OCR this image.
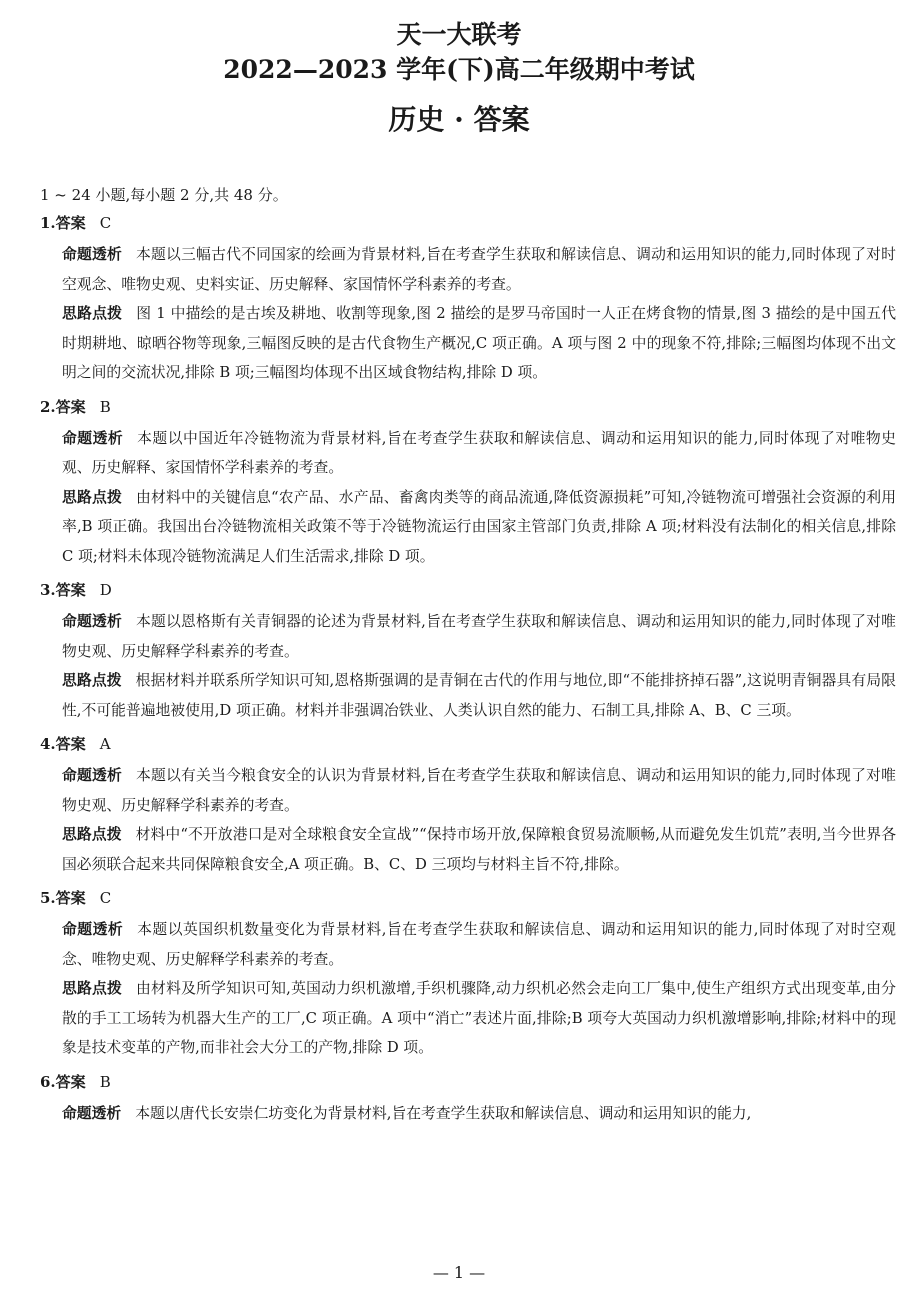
天一大联考
2022—2023 学年(下)高二年级期中考试
历史 · 答案
1 ~ 24 小题,每小题 2 分,共 48 分。
1.答案 C
命题透析 本题以三幅古代不同国家的绘画为背景材料,旨在考查学生获取和解读信息、调动和运用知识的能力,同时体现了对时空观念、唯物史观、史料实证、历史解释、家国情怀学科素养的考查。
思路点拨 图 1 中描绘的是古埃及耕地、收割等现象,图 2 描绘的是罗马帝国时一人正在烤食物的情景,图 3 描绘的是中国五代时期耕地、晾晒谷物等现象,三幅图反映的是古代食物生产概况,C 项正确。A 项与图 2 中的现象不符,排除;三幅图均体现不出文明之间的交流状况,排除 B 项;三幅图均体现不出区域食物结构,排除 D 项。
2.答案 B
命题透析 本题以中国近年冷链物流为背景材料,旨在考查学生获取和解读信息、调动和运用知识的能力,同时体现了对唯物史观、历史解释、家国情怀学科素养的考查。
思路点拨 由材料中的关键信息“农产品、水产品、畜禽肉类等的商品流通,降低资源损耗”可知,冷链物流可增强社会资源的利用率,B 项正确。我国出台冷链物流相关政策不等于冷链物流运行由国家主管部门负责,排除 A 项;材料没有法制化的相关信息,排除 C 项;材料未体现冷链物流满足人们生活需求,排除 D 项。
3.答案 D
命题透析 本题以恩格斯有关青铜器的论述为背景材料,旨在考查学生获取和解读信息、调动和运用知识的能力,同时体现了对唯物史观、历史解释学科素养的考查。
思路点拨 根据材料并联系所学知识可知,恩格斯强调的是青铜在古代的作用与地位,即“不能排挤掉石器”,这说明青铜器具有局限性,不可能普遍地被使用,D 项正确。材料并非强调冶铁业、人类认识自然的能力、石制工具,排除 A、B、C 三项。
4.答案 A
命题透析 本题以有关当今粮食安全的认识为背景材料,旨在考查学生获取和解读信息、调动和运用知识的能力,同时体现了对唯物史观、历史解释学科素养的考查。
思路点拨 材料中“不开放港口是对全球粮食安全宣战”“保持市场开放,保障粮食贸易流顺畅,从而避免发生饥荒”表明,当今世界各国必须联合起来共同保障粮食安全,A 项正确。B、C、D 三项均与材料主旨不符,排除。
5.答案 C
命题透析 本题以英国织机数量变化为背景材料,旨在考查学生获取和解读信息、调动和运用知识的能力,同时体现了对时空观念、唯物史观、历史解释学科素养的考查。
思路点拨 由材料及所学知识可知,英国动力织机激增,手织机骤降,动力织机必然会走向工厂集中,使生产组织方式出现变革,由分散的手工工场转为机器大生产的工厂,C 项正确。A 项中“消亡”表述片面,排除;B 项夸大英国动力织机激增影响,排除;材料中的现象是技术变革的产物,而非社会大分工的产物,排除 D 项。
6.答案 B
命题透析 本题以唐代长安崇仁坊变化为背景材料,旨在考查学生获取和解读信息、调动和运用知识的能力,
— 1 —
